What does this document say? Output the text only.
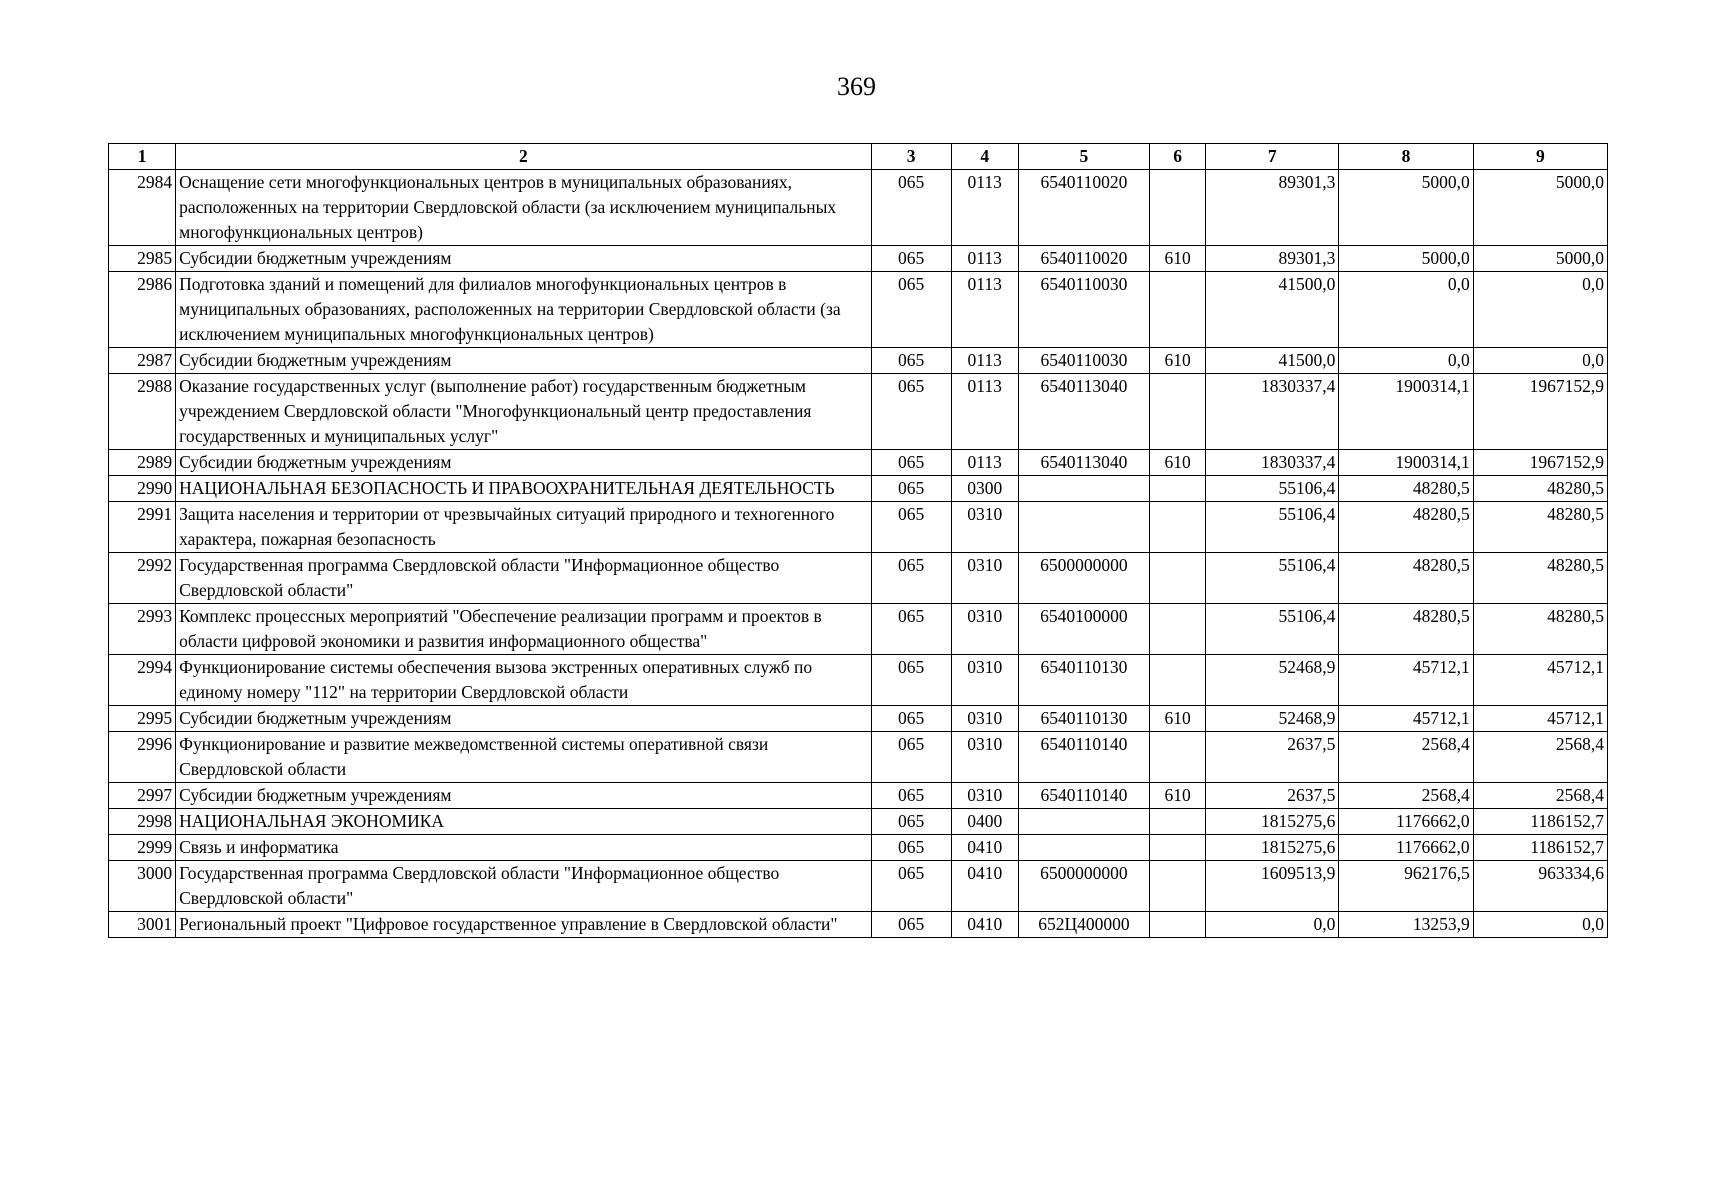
369
1	2	3	4	5	6	7	8	9
2984	Оснащение сети многофункциональных центров в муниципальных образованиях, расположенных на территории Свердловской области (за исключением муниципальных многофункциональных центров)	065	0113	6540110020		89301,3	5000,0	5000,0
2985	Субсидии бюджетным учреждениям	065	0113	6540110020	610	89301,3	5000,0	5000,0
2986	Подготовка зданий и помещений для филиалов многофункциональных центров в муниципальных образованиях, расположенных на территории Свердловской области (за исключением муниципальных многофункциональных центров)	065	0113	6540110030		41500,0	0,0	0,0
2987	Субсидии бюджетным учреждениям	065	0113	6540110030	610	41500,0	0,0	0,0
2988	Оказание государственных услуг (выполнение работ) государственным бюджетным учреждением Свердловской области "Многофункциональный центр предоставления государственных и муниципальных услуг"	065	0113	6540113040		1830337,4	1900314,1	1967152,9
2989	Субсидии бюджетным учреждениям	065	0113	6540113040	610	1830337,4	1900314,1	1967152,9
2990	НАЦИОНАЛЬНАЯ БЕЗОПАСНОСТЬ И ПРАВООХРАНИТЕЛЬНАЯ ДЕЯТЕЛЬНОСТЬ	065	0300			55106,4	48280,5	48280,5
2991	Защита населения и территории от чрезвычайных ситуаций природного и техногенного характера, пожарная безопасность	065	0310			55106,4	48280,5	48280,5
2992	Государственная программа Свердловской области "Информационное общество Свердловской области"	065	0310	6500000000		55106,4	48280,5	48280,5
2993	Комплекс процессных мероприятий "Обеспечение реализации программ и проектов в области цифровой экономики и развития информационного общества"	065	0310	6540100000		55106,4	48280,5	48280,5
2994	Функционирование системы обеспечения вызова экстренных оперативных служб по единому номеру "112" на территории Свердловской области	065	0310	6540110130		52468,9	45712,1	45712,1
2995	Субсидии бюджетным учреждениям	065	0310	6540110130	610	52468,9	45712,1	45712,1
2996	Функционирование и развитие межведомственной системы оперативной связи Свердловской области	065	0310	6540110140		2637,5	2568,4	2568,4
2997	Субсидии бюджетным учреждениям	065	0310	6540110140	610	2637,5	2568,4	2568,4
2998	НАЦИОНАЛЬНАЯ ЭКОНОМИКА	065	0400			1815275,6	1176662,0	1186152,7
2999	Связь и информатика	065	0410			1815275,6	1176662,0	1186152,7
3000	Государственная программа Свердловской области "Информационное общество Свердловской области"	065	0410	6500000000		1609513,9	962176,5	963334,6
3001	Региональный проект "Цифровое государственное управление в Свердловской области"	065	0410	652Ц400000		0,0	13253,9	0,0
